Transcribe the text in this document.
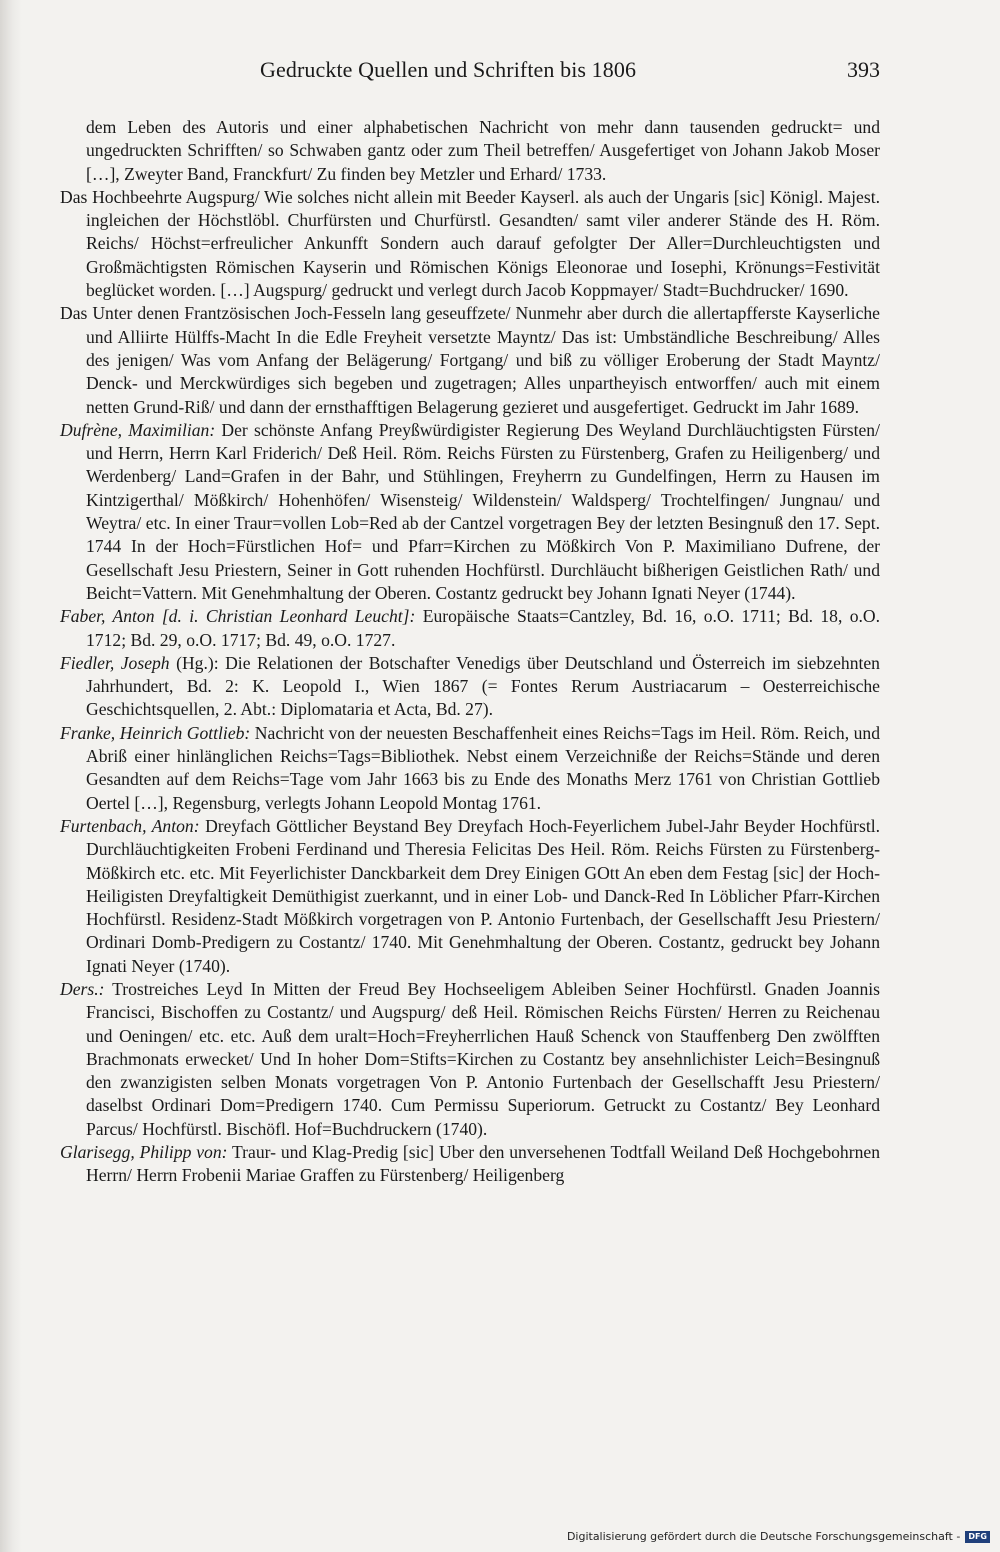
Gedruckte Quellen und Schriften bis 1806	393

dem Leben des Autoris und einer alphabetischen Nachricht von mehr dann tausenden gedruckt= und ungedruckten Schrifften/ so Schwaben gantz oder zum Theil betreffen/ Ausgefertiget von Johann Jakob Moser […], Zweyter Band, Franckfurt/ Zu finden bey Metzler und Erhard/ 1733.

Das Hochbeehrte Augspurg/ Wie solches nicht allein mit Beeder Kayserl. als auch der Ungaris [sic] Königl. Majest. ingleichen der Höchstlöbl. Churfürsten und Churfürstl. Gesandten/ samt viler anderer Stände des H. Röm. Reichs/ Höchst=erfreulicher Ankunfft Sondern auch darauf gefolgter Der Aller=Durchleuchtigsten und Großmächtigsten Römischen Kayserin und Römischen Königs Eleonorae und Iosephi, Krönungs=Festivität beglücket worden. […] Augspurg/ gedruckt und verlegt durch Jacob Koppmayer/ Stadt=Buchdrucker/ 1690.

Das Unter denen Frantzösischen Joch-Fesseln lang geseuffzete/ Nunmehr aber durch die allertapfferste Kayserliche und Alliirte Hülffs-Macht In die Edle Freyheit versetzte Mayntz/ Das ist: Umbständliche Beschreibung/ Alles des jenigen/ Was vom Anfang der Belägerung/ Fortgang/ und biß zu völliger Eroberung der Stadt Mayntz/ Denck- und Merckwürdiges sich begeben und zugetragen; Alles unpartheyisch entworffen/ auch mit einem netten Grund-Riß/ und dann der ernsthafftigen Belagerung gezieret und ausgefertiget. Gedruckt im Jahr 1689.

Dufrène, Maximilian: Der schönste Anfang Preyßwürdigister Regierung Des Weyland Durchläuchtigsten Fürsten/ und Herrn, Herrn Karl Friderich/ Deß Heil. Röm. Reichs Fürsten zu Fürstenberg, Grafen zu Heiligenberg/ und Werdenberg/ Land=Grafen in der Bahr, und Stühlingen, Freyherrn zu Gundelfingen, Herrn zu Hausen im Kintzigerthal/ Mößkirch/ Hohenhöfen/ Wisensteig/ Wildenstein/ Waldsperg/ Trochtelfingen/ Jungnau/ und Weytra/ etc. In einer Traur=vollen Lob=Red ab der Cantzel vorgetragen Bey der letzten Besingnuß den 17. Sept. 1744 In der Hoch=Fürstlichen Hof= und Pfarr=Kirchen zu Mößkirch Von P. Maximiliano Dufrene, der Gesellschaft Jesu Priestern, Seiner in Gott ruhenden Hochfürstl. Durchläucht bißherigen Geistlichen Rath/ und Beicht=Vattern. Mit Genehmhaltung der Oberen. Costantz gedruckt bey Johann Ignati Neyer (1744).

Faber, Anton [d. i. Christian Leonhard Leucht]: Europäische Staats=Cantzley, Bd. 16, o.O. 1711; Bd. 18, o.O. 1712; Bd. 29, o.O. 1717; Bd. 49, o.O. 1727.

Fiedler, Joseph (Hg.): Die Relationen der Botschafter Venedigs über Deutschland und Österreich im siebzehnten Jahrhundert, Bd. 2: K. Leopold I., Wien 1867 (= Fontes Rerum Austriacarum – Oesterreichische Geschichtsquellen, 2. Abt.: Diplomataria et Acta, Bd. 27).

Franke, Heinrich Gottlieb: Nachricht von der neuesten Beschaffenheit eines Reichs=Tags im Heil. Röm. Reich, und Abriß einer hinlänglichen Reichs=Tags=Bibliothek. Nebst einem Verzeichniße der Reichs=Stände und deren Gesandten auf dem Reichs=Tage vom Jahr 1663 bis zu Ende des Monaths Merz 1761 von Christian Gottlieb Oertel […], Regensburg, verlegts Johann Leopold Montag 1761.

Furtenbach, Anton: Dreyfach Göttlicher Beystand Bey Dreyfach Hoch-Feyerlichem Jubel-Jahr Beyder Hochfürstl. Durchläuchtigkeiten Frobeni Ferdinand und Theresia Felicitas Des Heil. Röm. Reichs Fürsten zu Fürstenberg-Mößkirch etc. etc. Mit Feyerlichister Danckbarkeit dem Drey Einigen GOtt An eben dem Festag [sic] der Hoch-Heiligisten Dreyfaltigkeit Demüthigist zuerkannt, und in einer Lob- und Danck-Red In Löblicher Pfarr-Kirchen Hochfürstl. Residenz-Stadt Mößkirch vorgetragen von P. Antonio Furtenbach, der Gesellschafft Jesu Priestern/ Ordinari Domb-Predigern zu Costantz/ 1740. Mit Genehmhaltung der Oberen. Costantz, gedruckt bey Johann Ignati Neyer (1740).

Ders.: Trostreiches Leyd In Mitten der Freud Bey Hochseeligem Ableiben Seiner Hochfürstl. Gnaden Joannis Francisci, Bischoffen zu Costantz/ und Augspurg/ deß Heil. Römischen Reichs Fürsten/ Herren zu Reichenau und Oeningen/ etc. etc. Auß dem uralt=Hoch=Freyherrlichen Hauß Schenck von Stauffenberg Den zwölfften Brachmonats erwecket/ Und In hoher Dom=Stifts=Kirchen zu Costantz bey ansehnlichister Leich=Besingnuß den zwanzigisten selben Monats vorgetragen Von P. Antonio Furtenbach der Gesellschafft Jesu Priestern/ daselbst Ordinari Dom=Predigern 1740. Cum Permissu Superiorum. Getruckt zu Costantz/ Bey Leonhard Parcus/ Hochfürstl. Bischöfl. Hof=Buchdruckern (1740).

Glarisegg, Philipp von: Traur- und Klag-Predig [sic] Uber den unversehenen Todtfall Weiland Deß Hochgebohrnen Herrn/ Herrn Frobenii Mariae Graffen zu Fürstenberg/ Heiligenberg

Digitalisierung gefördert durch die Deutsche Forschungsgemeinschaft -	DFG
